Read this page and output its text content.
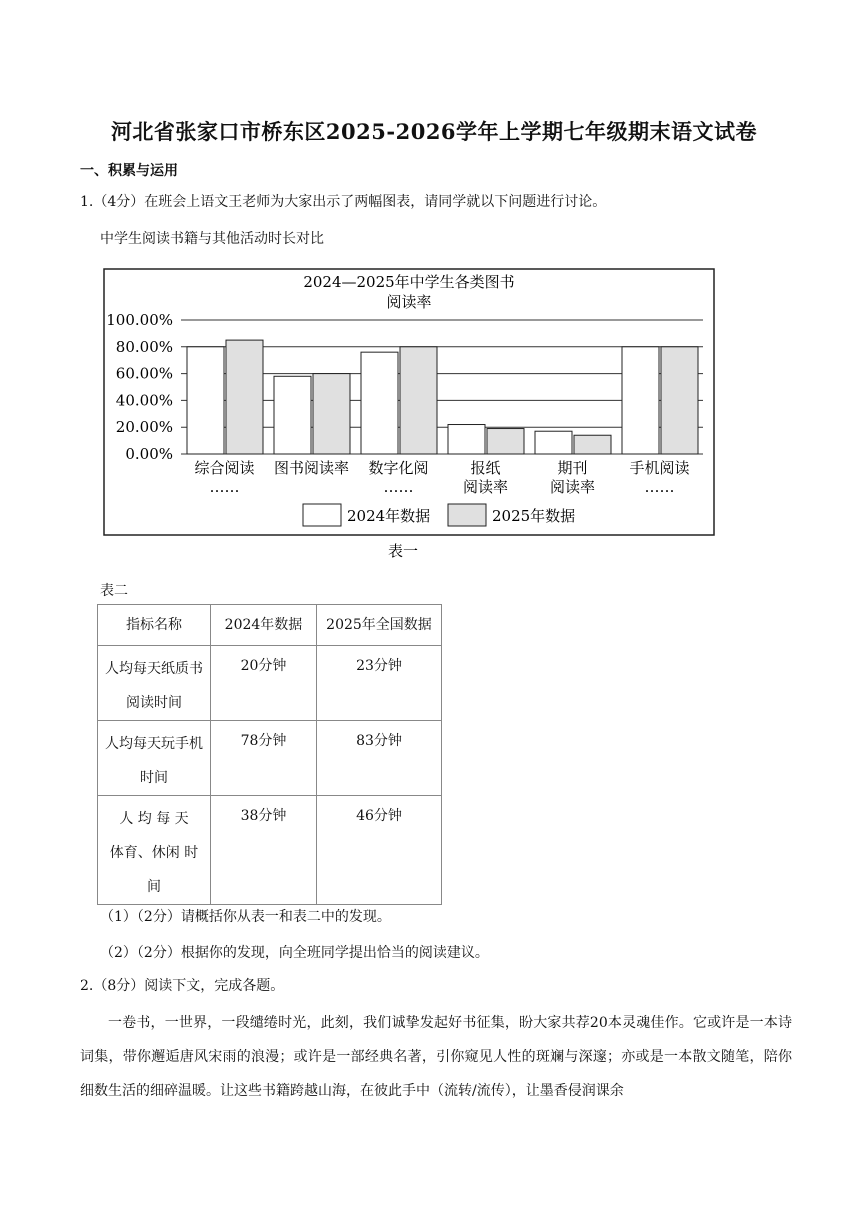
河北省张家口市桥东区2025-2026学年上学期七年级期末语文试卷
一、积累与运用
1.（4分）在班会上语文王老师为大家出示了两幅图表，请同学就以下问题进行讨论。
中学生阅读书籍与其他活动时长对比
2024—2025年中学生各类图书
阅读率
100.00%
80.00%
60.00%
40.00%
20.00%
0.00%
综合阅读
……
图书阅读率 数字化阅
……
报纸
阅读率
期刊
阅读率
手机阅读
……
2024年数据	2025年数据
表一
表二
指标名称	2024年数据	2025年全国数据

人均每天纸质书
阅读时间	20分钟	23分钟

人均每天玩手机
时间	78分钟	83分钟

人 均 每 天
体育、休闲 时
间	38分钟	46分钟
（1）（2分）请概括你从表一和表二中的发现。
（2）（2分）根据你的发现，向全班同学提出恰当的阅读建议。
2.（8分）阅读下文，完成各题。
一卷书，一世界，一段缱绻时光，此刻，我们诚挚发起好书征集，盼大家共荐20本灵魂佳作。它或许是一本诗词集，带你邂逅唐风宋雨的浪漫；或许是一部经典名著，引你窥见人性的斑斓与深邃；亦或是一本散文随笔，陪你细数生活的细碎温暖。让这些书籍跨越山海，在彼此手中（流转/流传），让墨香侵润课余
